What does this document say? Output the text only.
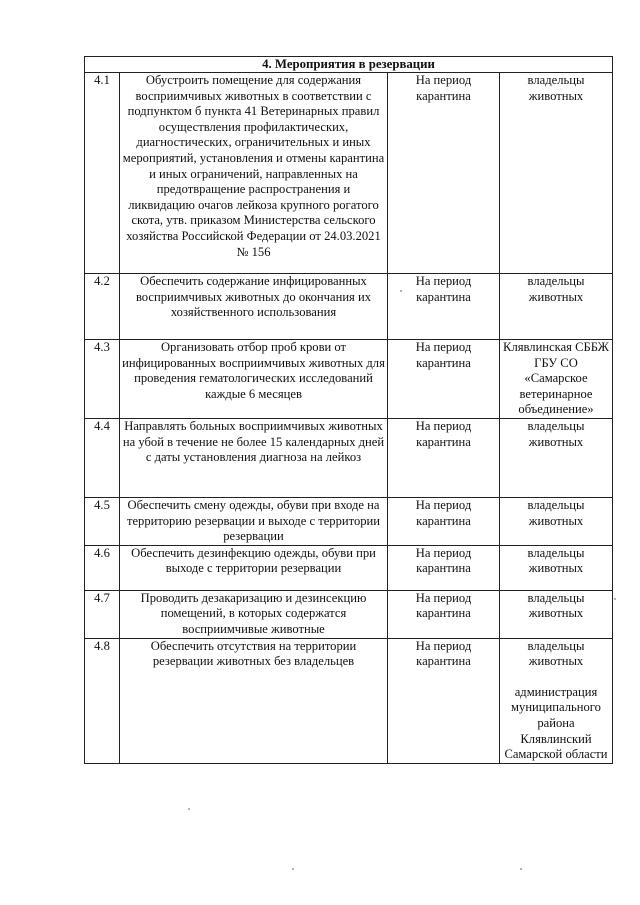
4. Мероприятия в резервации			
4.1	Обустроить помещение для содержания восприимчивых животных в соответствии с подпунктом б пункта 41 Ветеринарных правил осуществления профилактических, диагностических, ограничительных и иных мероприятий, установления и отмены карантина и иных ограничений, направленных на предотвращение распространения и ликвидацию очагов лейкоза крупного рогатого скота, утв. приказом Министерства сельского хозяйства Российской Федерации от 24.03.2021 № 156	На период карантина	владельцы животных

4.2	Обеспечить содержание инфицированных восприимчивых животных до окончания их хозяйственного использования	На период карантина	владельцы животных

4.3	Организовать отбор проб крови от инфицированных восприимчивых животных для проведения гематологических исследований каждые 6 месяцев	На период карантина	Клявлинская СББЖ ГБУ СО «Самарское ветеринарное объединение»

4.4	Направлять больных восприимчивых животных на убой в течение не более 15 календарных дней с даты установления диагноза на лейкоз	На период карантина	владельцы животных

4.5	Обеспечить смену одежды, обуви при входе на территорию резервации и выходе с территории резервации	На период карантина	владельцы животных

4.6	Обеспечить дезинфекцию одежды, обуви при выходе с территории резервации	На период карантина	владельцы животных

4.7	Проводить дезакаризацию и дезинсекцию помещений, в которых содержатся восприимчивые животные	На период карантина	владельцы животных

4.8	Обеспечить отсутствия на территории резервации животных без владельцев	На период карантина	владельцы животных
администрация муниципального района Клявлинский Самарской области
